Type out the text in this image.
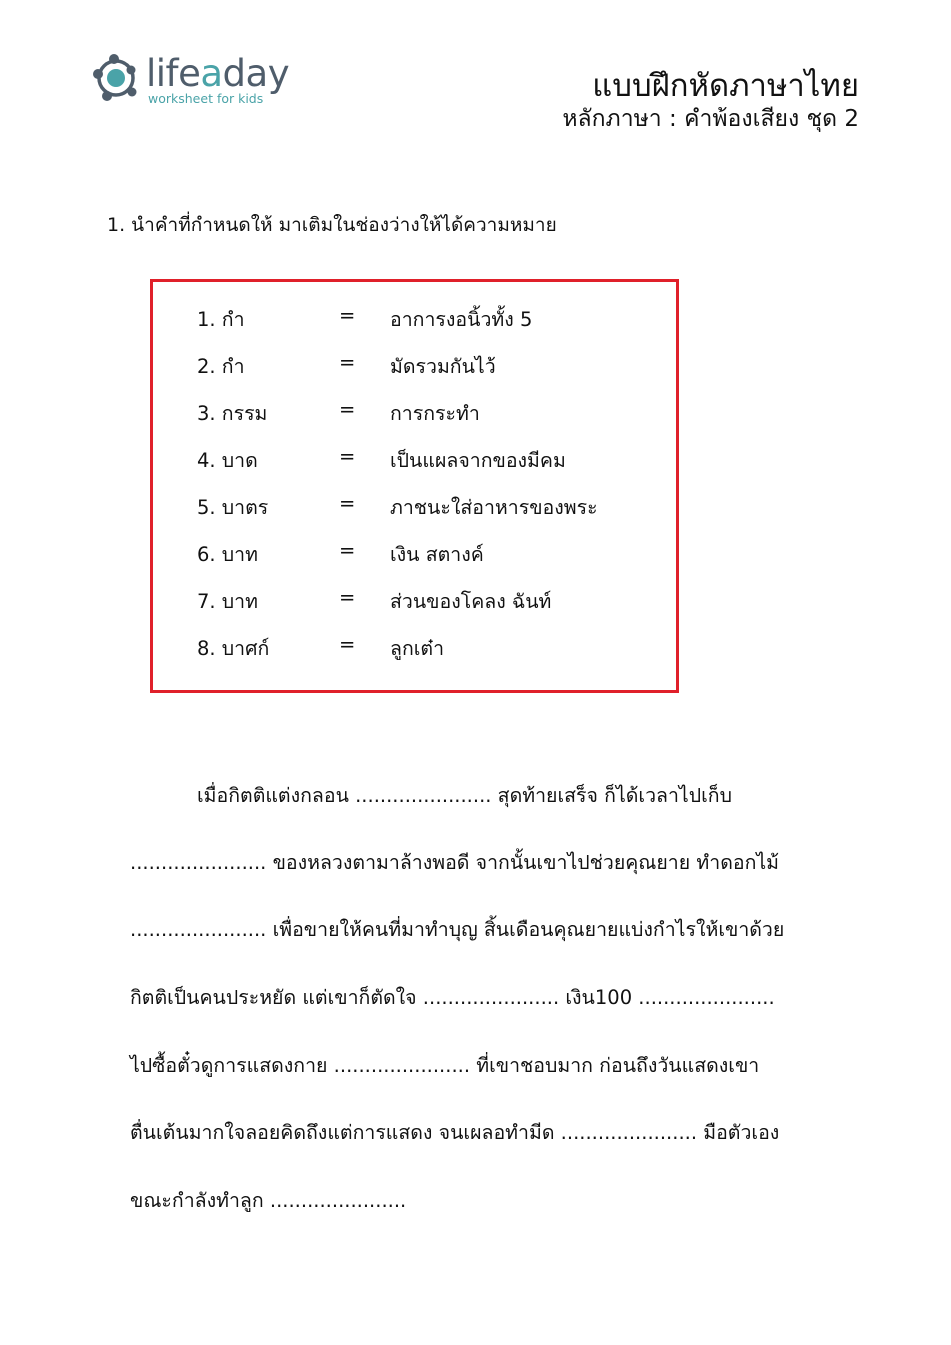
lifeaday
worksheet for kids	แบบฝึกหัดภาษาไทย
หลักภาษา : คำพ้องเสียง ชุด 2
1. นำคำที่กำหนดให้ มาเติมในช่องว่างให้ได้ความหมาย
1. กำ	= อาการงอนิ้วทั้ง 5
2. กำ	= มัดรวมกันไว้
3. กรรม	= การกระทำ
4. บาด	= เป็นแผลจากของมีคม
5. บาตร	= ภาชนะใส่อาหารของพระ
6. บาท	= เงิน สตางค์
7. บาท	= ส่วนของโคลง ฉันท์
8. บาศก์	= ลูกเต๋า
เมื่อกิตติแต่งกลอน ...................... สุดท้ายเสร็จ ก็ได้เวลาไปเก็บ
...................... ของหลวงตามาล้างพอดี จากนั้นเขาไปช่วยคุณยาย ทำดอกไม้
...................... เพื่อขายให้คนที่มาทำบุญ สิ้นเดือนคุณยายแบ่งกำไรให้เขาด้วย
กิตติเป็นคนประหยัด แต่เขาก็ตัดใจ ...................... เงิน100 ......................
ไปซื้อตั๋วดูการแสดงกาย ...................... ที่เขาชอบมาก ก่อนถึงวันแสดงเขา
ตื่นเต้นมากใจลอยคิดถึงแต่การแสดง จนเผลอทำมีด ...................... มือตัวเอง
ขณะกำลังทำลูก ......................
